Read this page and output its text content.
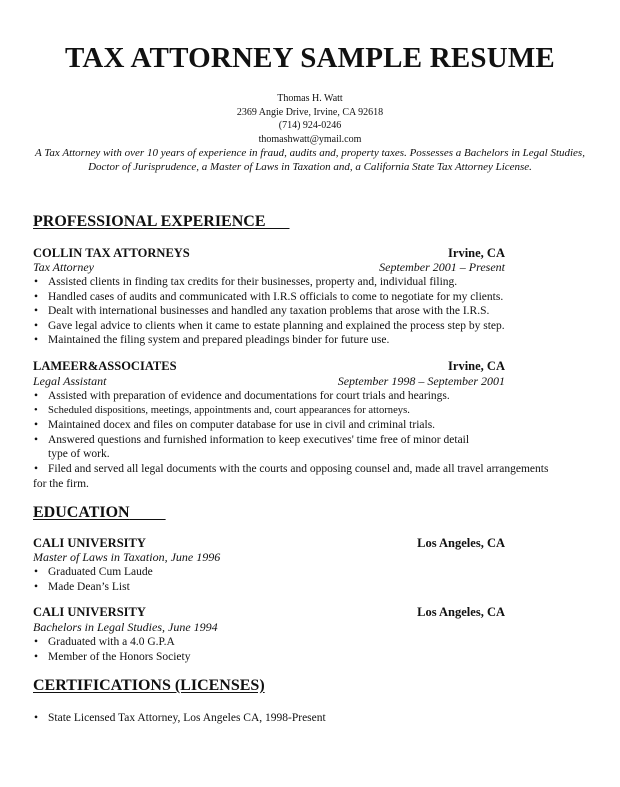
TAX ATTORNEY SAMPLE RESUME
Thomas H. Watt
2369 Angie Drive, Irvine, CA 92618
(714) 924-0246
thomashwatt@ymail.com
A Tax Attorney with over 10 years of experience in fraud, audits and, property taxes. Possesses a Bachelors in Legal Studies, Doctor of Jurisprudence, a Master of Laws in Taxation and, a California State Tax Attorney License.
PROFESSIONAL EXPERIENCE
COLLIN TAX ATTORNEYS	Irvine, CA
Tax Attorney	September 2001 – Present
• Assisted clients in finding tax credits for their businesses, property and, individual filing.
• Handled cases of audits and communicated with I.R.S officials to come to negotiate for my clients.
• Dealt with international businesses and handled any taxation problems that arose with the I.R.S.
• Gave legal advice to clients when it came to estate planning and explained the process step by step.
• Maintained the filing system and prepared pleadings binder for future use.
LAMEER&ASSOCIATES	Irvine, CA
Legal Assistant	September 1998 – September 2001
• Assisted with preparation of evidence and documentations for court trials and hearings.
• Scheduled dispositions, meetings, appointments and, court appearances for attorneys.
• Maintained docex and files on computer database for use in civil and criminal trials.
• Answered questions and furnished information to keep executives' time free of minor detail
type of work.
• Filed and served all legal documents with the courts and opposing counsel and, made all travel arrangements
for the firm.
EDUCATION
CALI UNIVERSITY	Los Angeles, CA
Master of Laws in Taxation, June 1996
• Graduated Cum Laude
• Made Dean’s List
CALI UNIVERSITY	Los Angeles, CA
Bachelors in Legal Studies, June 1994
• Graduated with a 4.0 G.P.A
• Member of the Honors Society
CERTIFICATIONS (LICENSES)
• State Licensed Tax Attorney, Los Angeles CA, 1998-Present
